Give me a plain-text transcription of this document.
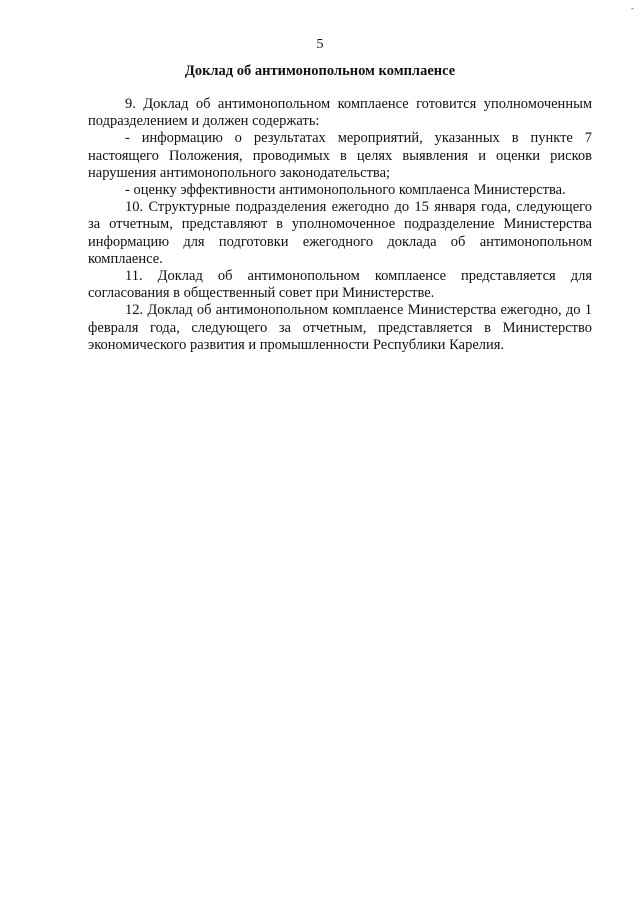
-
5
Доклад об антимонопольном комплаенсе

9. Доклад об антимонопольном комплаенсе готовится уполномоченным подразделением и должен содержать:

- информацию о результатах мероприятий, указанных в пункте 7 настоящего Положения, проводимых в целях выявления и оценки рисков нарушения антимонопольного законодательства;

- оценку эффективности антимонопольного комплаенса Министерства.

10. Структурные подразделения ежегодно до 15 января года, следующего за отчетным, представляют в уполномоченное подразделение Министерства информацию для подготовки ежегодного доклада об антимонопольном комплаенсе.

11. Доклад об антимонопольном комплаенсе представляется для согласования в общественный совет при Министерстве.

12. Доклад об антимонопольном комплаенсе Министерства ежегодно, до 1 февраля года, следующего за отчетным, представляется в Министерство экономического развития и промышленности Республики Карелия.
